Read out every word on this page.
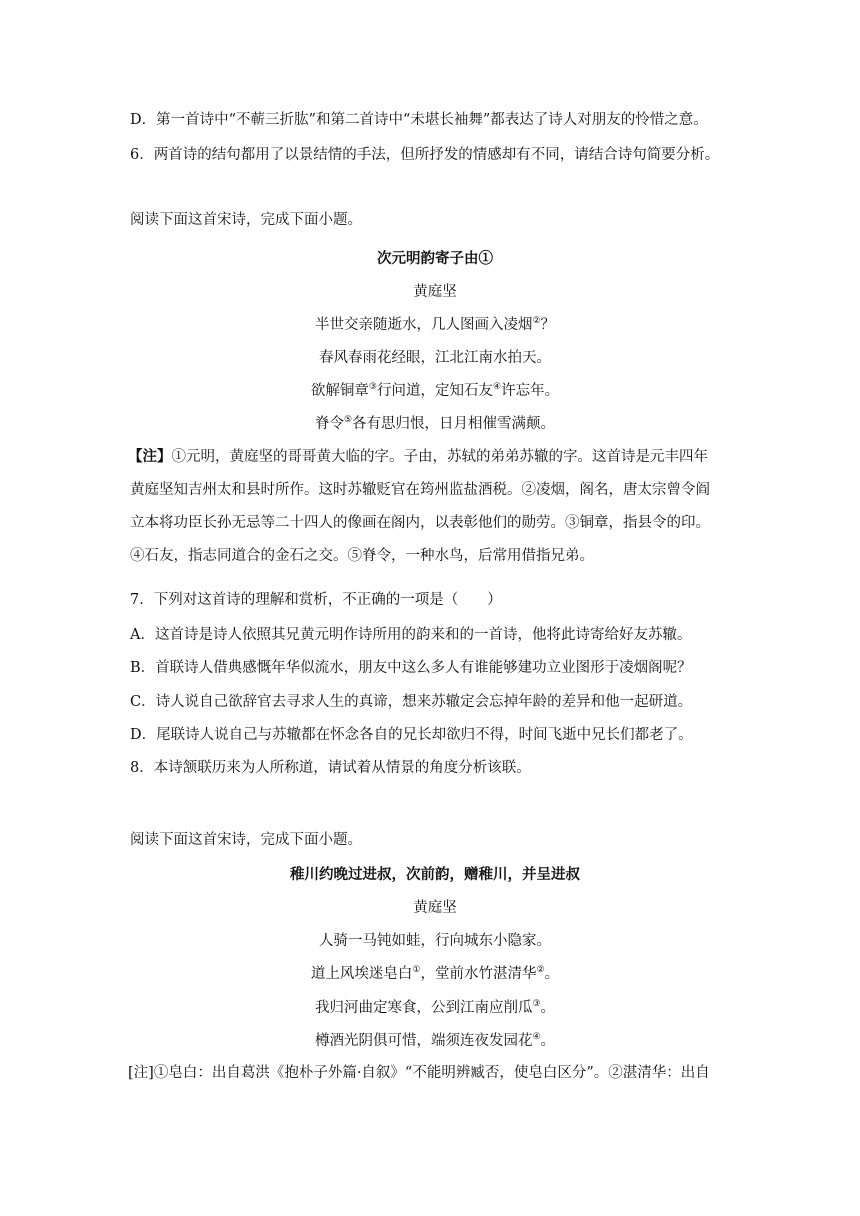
D．第一首诗中“不蕲三折肱”和第二首诗中“未堪长袖舞”都表达了诗人对朋友的怜惜之意。

6．两首诗的结句都用了以景结情的手法，但所抒发的情感却有不同，请结合诗句简要分析。

阅读下面这首宋诗，完成下面小题。

次元明韵寄子由①

黄庭坚

半世交亲随逝水，几人图画入凌烟②？

春风春雨花经眼，江北江南水拍天。

欲解铜章③行问道，定知石友④许忘年。

脊令⑤各有思归恨，日月相催雪满颠。

【注】①元明，黄庭坚的哥哥黄大临的字。子由，苏轼的弟弟苏辙的字。这首诗是元丰四年

黄庭坚知吉州太和县时所作。这时苏辙贬官在筠州监盐酒税。②凌烟，阁名，唐太宗曾令阎

立本将功臣长孙无忌等二十四人的像画在阁内，以表彰他们的勋劳。③铜章，指县令的印。

④石友，指志同道合的金石之交。⑤脊令，一种水鸟，后常用借指兄弟。

7．下列对这首诗的理解和赏析，不正确的一项是（　　）

A．这首诗是诗人依照其兄黄元明作诗所用的韵来和的一首诗，他将此诗寄给好友苏辙。

B．首联诗人借典感慨年华似流水，朋友中这么多人有谁能够建功立业图形于凌烟阁呢？

C．诗人说自己欲辞官去寻求人生的真谛，想来苏辙定会忘掉年龄的差异和他一起研道。

D．尾联诗人说自己与苏辙都在怀念各自的兄长却欲归不得，时间飞逝中兄长们都老了。

8．本诗颔联历来为人所称道，请试着从情景的角度分析该联。

阅读下面这首宋诗，完成下面小题。

稚川约晚过进叔，次前韵，赠稚川，并呈进叔

黄庭坚

人骑一马钝如蛙，行向城东小隐家。

道上风埃迷皂白①，堂前水竹湛清华②。

我归河曲定寒食，公到江南应削瓜③。

樽酒光阴俱可惜，端须连夜发园花④。

[注]①皂白：出自葛洪《抱朴子外篇·自叙》“不能明辨臧否，使皂白区分”。②湛清华：出自
